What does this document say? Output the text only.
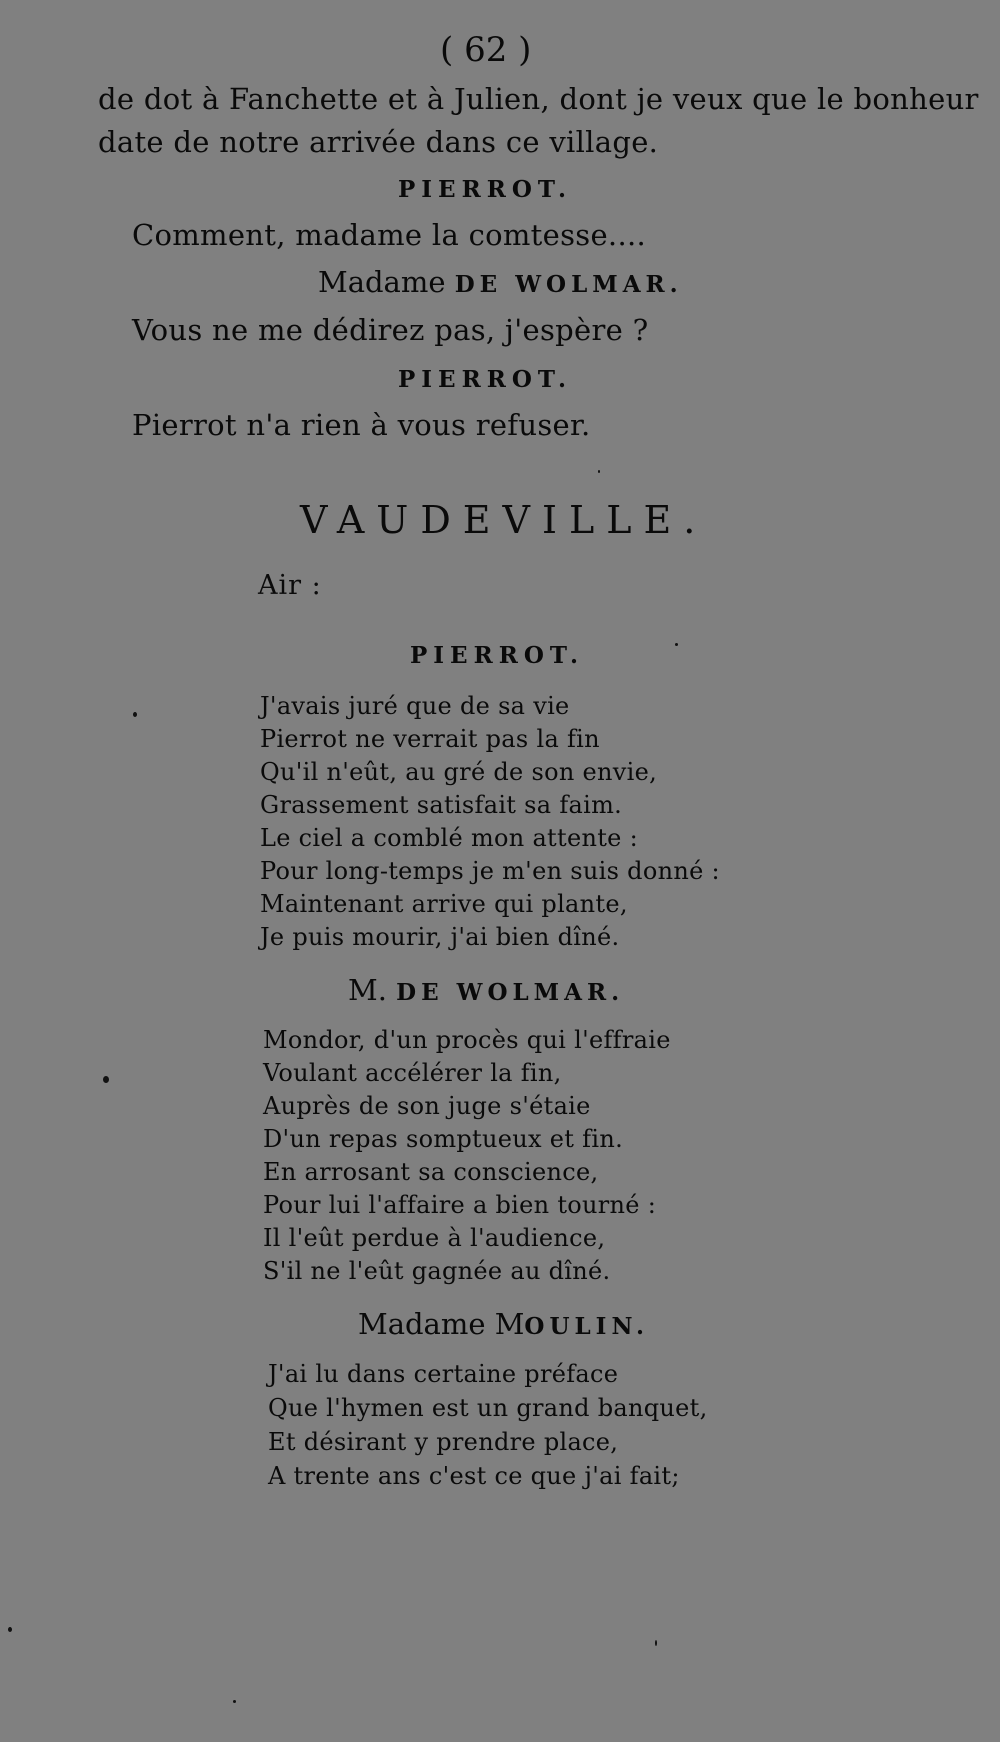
( 62 )
de dot à Fanchette et à Julien, dont je veux que le bonheur
date de notre arrivée dans ce village.
PIERROT.
Comment, madame la comtesse....
Madame DE WOLMAR.
Vous ne me dédirez pas, j'espère ?
PIERROT.
Pierrot n'a rien à vous refuser.
VAUDEVILLE.
Air :
PIERROT.
J'avais juré que de sa vie
Pierrot ne verrait pas la fin
Qu'il n'eût, au gré de son envie,
Grassement satisfait sa faim.
Le ciel a comblé mon attente :
Pour long-temps je m'en suis donné :
Maintenant arrive qui plante,
Je puis mourir, j'ai bien dîné.
M. DE WOLMAR.
Mondor, d'un procès qui l'effraie
Voulant accélérer la fin,
Auprès de son juge s'étaie
D'un repas somptueux et fin.
En arrosant sa conscience,
Pour lui l'affaire a bien tourné :
Il l'eût perdue à l'audience,
S'il ne l'eût gagnée au dîné.
Madame MOULIN.
J'ai lu dans certaine préface
Que l'hymen est un grand banquet,
Et désirant y prendre place,
A trente ans c'est ce que j'ai fait;
